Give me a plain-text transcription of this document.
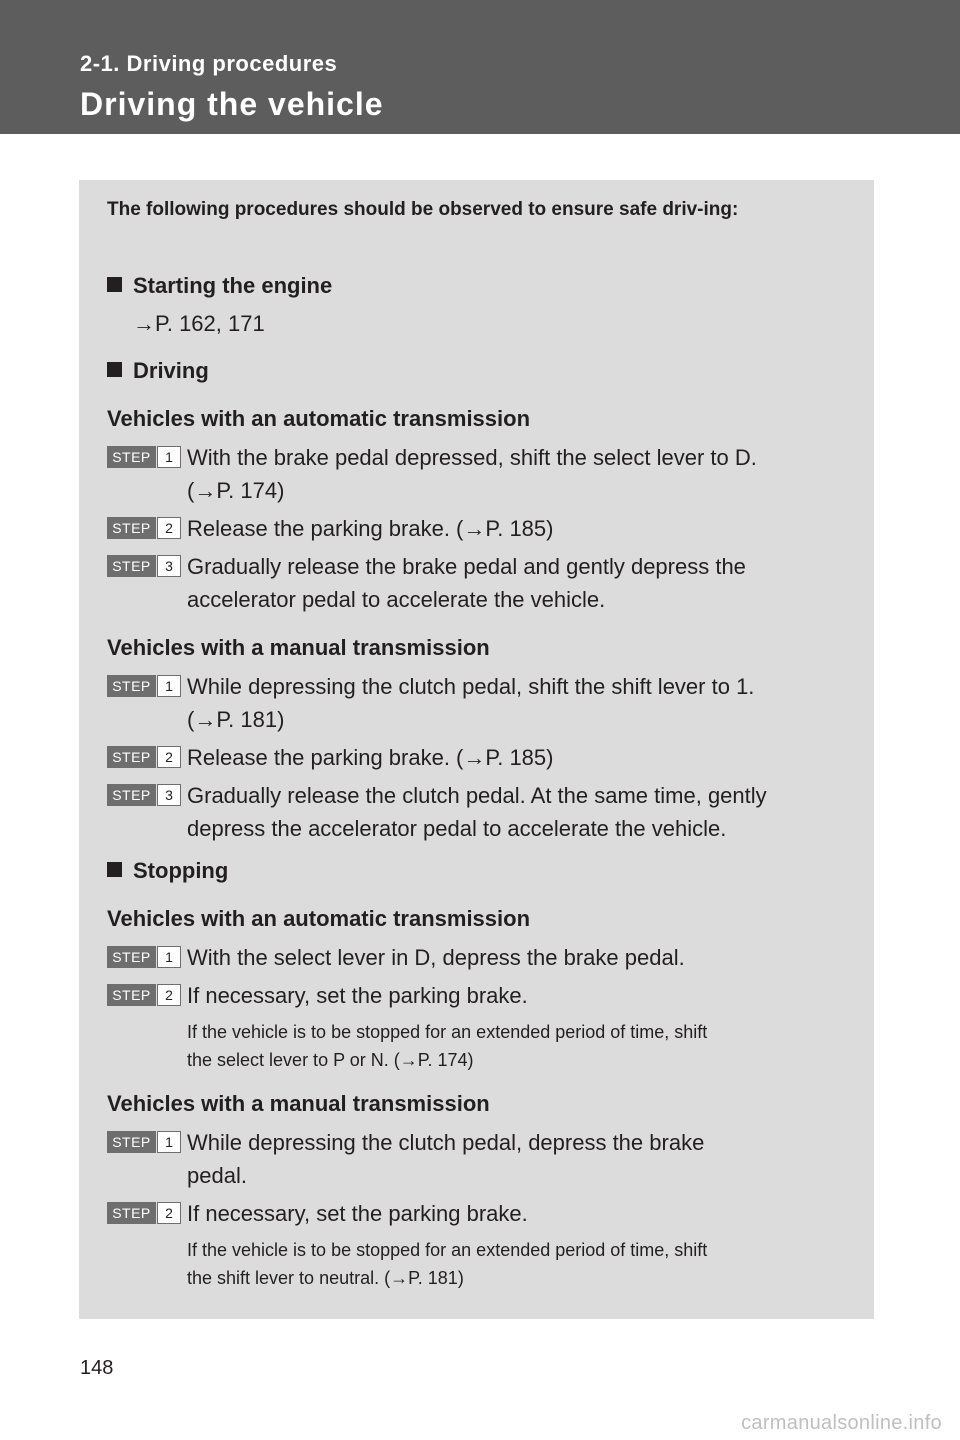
2-1. Driving procedures
Driving the vehicle
The following procedures should be observed to ensure safe driv-ing:
Starting the engine
→P. 162, 171
Driving
Vehicles with an automatic transmission
STEP	1 With the brake pedal depressed, shift the select lever to D.
(→P. 174)
STEP	2 Release the parking brake. (→P. 185)
STEP	3 Gradually release the brake pedal and gently depress the
accelerator pedal to accelerate the vehicle.
Vehicles with a manual transmission
STEP	1 While depressing the clutch pedal, shift the shift lever to 1.
(→P. 181)
STEP	2 Release the parking brake. (→P. 185)
STEP	3 Gradually release the clutch pedal. At the same time, gently
depress the accelerator pedal to accelerate the vehicle.
Stopping
Vehicles with an automatic transmission
STEP	1 With the select lever in D, depress the brake pedal.
STEP	2 If necessary, set the parking brake.
If the vehicle is to be stopped for an extended period of time, shift
the select lever to P or N. (→P. 174)
Vehicles with a manual transmission
STEP	1 While depressing the clutch pedal, depress the brake
pedal.
STEP	2 If necessary, set the parking brake.
If the vehicle is to be stopped for an extended period of time, shift
the shift lever to neutral. (→P. 181)
148
carmanualsonline.info
